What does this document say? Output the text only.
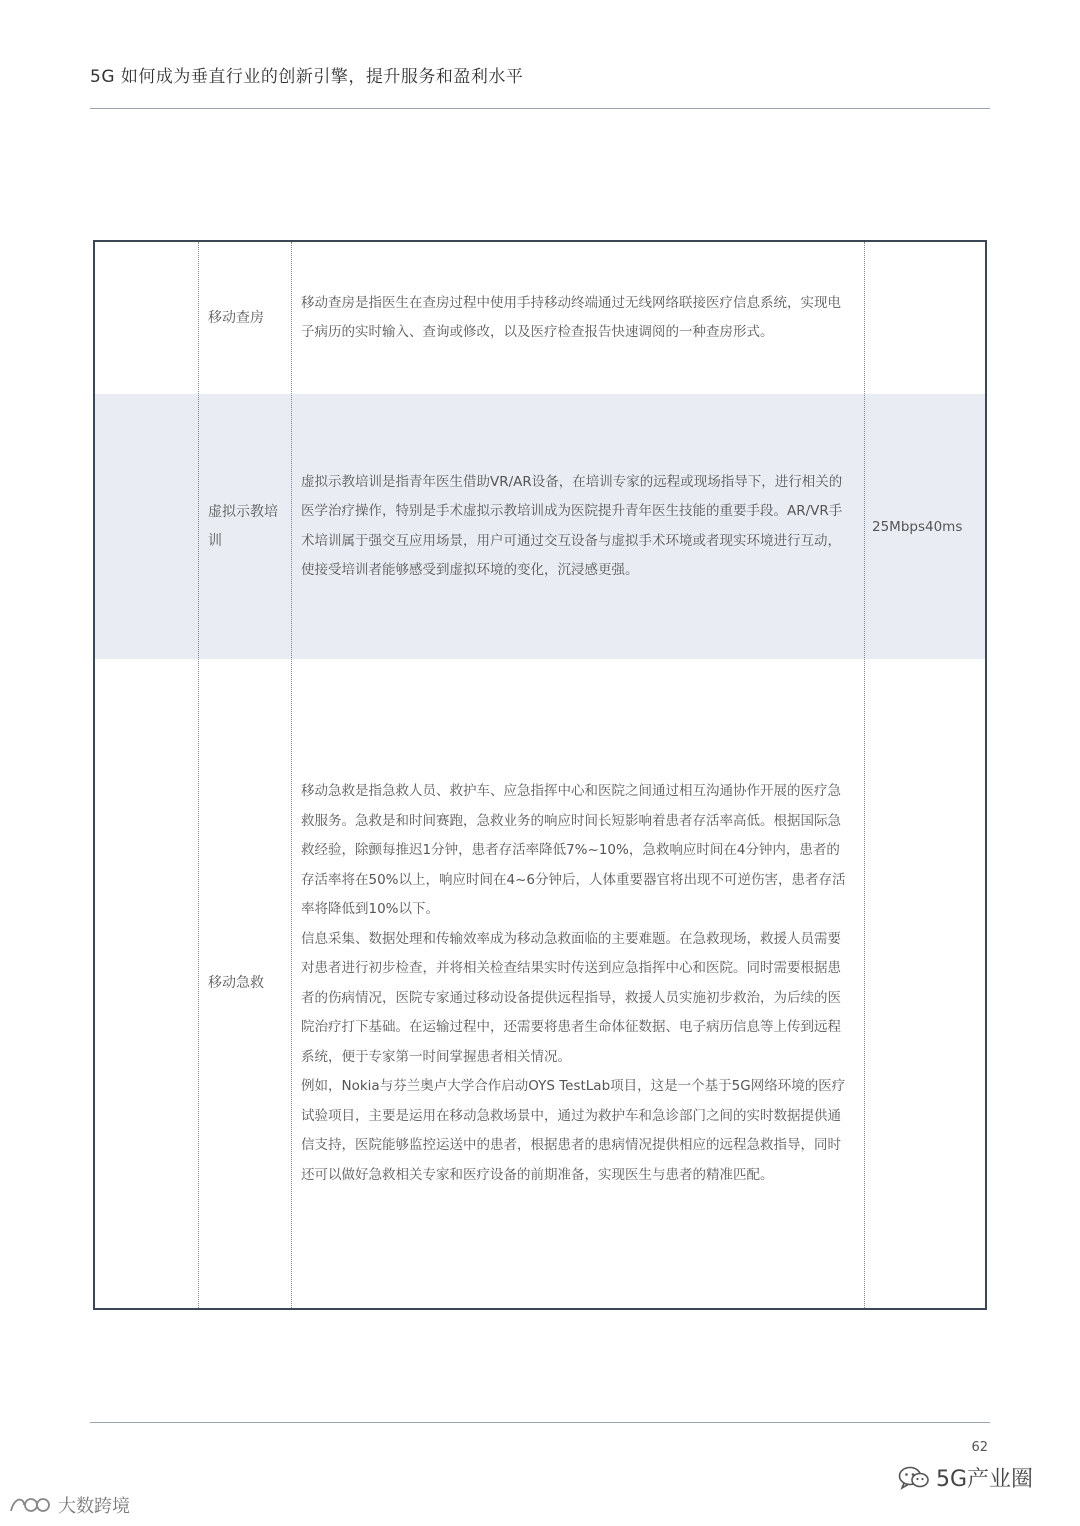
5G 如何成为垂直行业的创新引擎，提升服务和盈利水平
移动查房

移动查房是指医生在查房过程中使用手持移动终端通过无线网络联接医疗信息系统，实现电子病历的实时输入、查询或修改，以及医疗检查报告快速调阅的一种查房形式。

虚拟示教培训

虚拟示教培训是指青年医生借助VR/AR设备，在培训专家的远程或现场指导下，进行相关的医学治疗操作，特别是手术虚拟示教培训成为医院提升青年医生技能的重要手段。AR/VR手术培训属于强交互应用场景，用户可通过交互设备与虚拟手术环境或者现实环境进行互动，使接受培训者能够感受到虚拟环境的变化，沉浸感更强。

25Mbps40ms
移动急救

移动急救是指急救人员、救护车、应急指挥中心和医院之间通过相互沟通协作开展的医疗急救服务。急救是和时间赛跑，急救业务的响应时间长短影响着患者存活率高低。根据国际急救经验，除颤每推迟1分钟，患者存活率降低7%~10%，急救响应时间在4分钟内，患者的存活率将在50%以上，响应时间在4~6分钟后，人体重要器官将出现不可逆伤害，患者存活率将降低到10%以下。

信息采集、数据处理和传输效率成为移动急救面临的主要难题。在急救现场，救援人员需要对患者进行初步检查，并将相关检查结果实时传送到应急指挥中心和医院。同时需要根据患者的伤病情况，医院专家通过移动设备提供远程指导，救援人员实施初步救治，为后续的医院治疗打下基础。在运输过程中，还需要将患者生命体征数据、电子病历信息等上传到远程系统，便于专家第一时间掌握患者相关情况。

例如，Nokia与芬兰奥卢大学合作启动OYS TestLab项目，这是一个基于5G网络环境的医疗试验项目，主要是运用在移动急救场景中，通过为救护车和急诊部门之间的实时数据提供通信支持，医院能够监控运送中的患者，根据患者的患病情况提供相应的远程急救指导，同时还可以做好急救相关专家和医疗设备的前期准备，实现医生与患者的精准匹配。

62
5G产业圈
大数跨境
